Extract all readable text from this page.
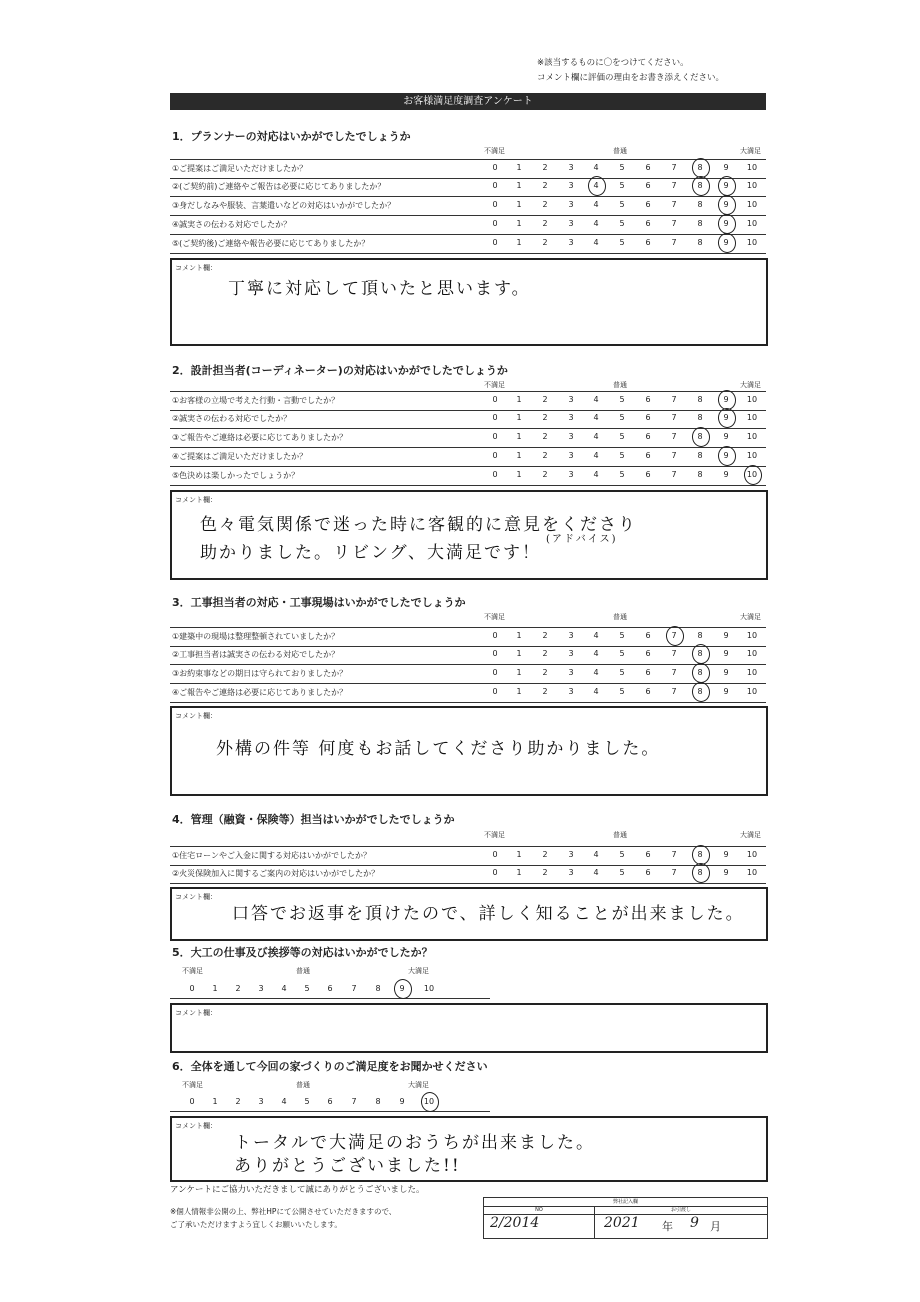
※該当するものに〇をつけてください。
コメント欄に評価の理由をお書き添えください。
お客様満足度調査アンケート
1．プランナーの対応はいかがでしたでしょうか
不満足	普通	大満足
①ご提案はご満足いただけましたか？	0	1	2	3	4	5	6	7	8	9	10
②(ご契約前)ご連絡やご報告は必要に応じてありましたか？	0	1	2	3	4	5	6	7	8	9	10
③身だしなみや服装、言葉遣いなどの対応はいかがでしたか？	0	1	2	3	4	5	6	7	8	9	10
④誠実さの伝わる対応でしたか？	0	1	2	3	4	5	6	7	8	9	10
⑤(ご契約後)ご連絡や報告必要に応じてありましたか？	0	1	2	3	4	5	6	7	8	9	10
コメント欄：
丁寧に対応して頂いたと思います。
2．設計担当者(コーディネーター)の対応はいかがでしたでしょうか
不満足	普通	大満足
①お客様の立場で考えた行動・言動でしたか？	0	1	2	3	4	5	6	7	8	9	10
②誠実さの伝わる対応でしたか？	0	1	2	3	4	5	6	7	8	9	10
③ご報告やご連絡は必要に応じてありましたか？	0	1	2	3	4	5	6	7	8	9	10
④ご提案はご満足いただけましたか？	0	1	2	3	4	5	6	7	8	9	10
⑤色決めは楽しかったでしょうか？	0	1	2	3	4	5	6	7	8	9	10
コメント欄：
色々電気関係で迷った時に客観的に意見をくださり
助かりました。リビング、大満足です！
(アドバイス)
3．工事担当者の対応・工事現場はいかがでしたでしょうか
不満足	普通	大満足
①建築中の現場は整理整頓されていましたか？	0	1	2	3	4	5	6	7	8	9	10
②工事担当者は誠実さの伝わる対応でしたか？	0	1	2	3	4	5	6	7	8	9	10
③お約束事などの期日は守られておりましたか？	0	1	2	3	4	5	6	7	8	9	10
④ご報告やご連絡は必要に応じてありましたか？	0	1	2	3	4	5	6	7	8	9	10
コメント欄：
外構の件等 何度もお話してくださり助かりました。
4．管理（融資・保険等）担当はいかがでしたでしょうか
不満足	普通	大満足
①住宅ローンやご入金に関する対応はいかがでしたか？	0	1	2	3	4	5	6	7	8	9	10
②火災保険加入に関するご案内の対応はいかがでしたか？	0	1	2	3	4	5	6	7	8	9	10
コメント欄：
口答でお返事を頂けたので、詳しく知ることが出来ました。
5．大工の仕事及び挨拶等の対応はいかがでしたか？
不満足	普通	大満足
0	1	2	3	4	5	6	7	8	9	10
コメント欄：
6．全体を通して今回の家づくりのご満足度をお聞かせください
不満足	普通	大満足
0	1	2	3	4	5	6	7	8	9	10
コメント欄：
トータルで大満足のおうちが出来ました。
ありがとうございました!!
アンケートにご協力いただきまして誠にありがとうございました。
※個人情報非公開の上、弊社HPにて公開させていただきますので、
ご了承いただけますよう宜しくお願いいたします。
弊社記入欄
NO	お引渡し
2/2014	2021 年 9 月
